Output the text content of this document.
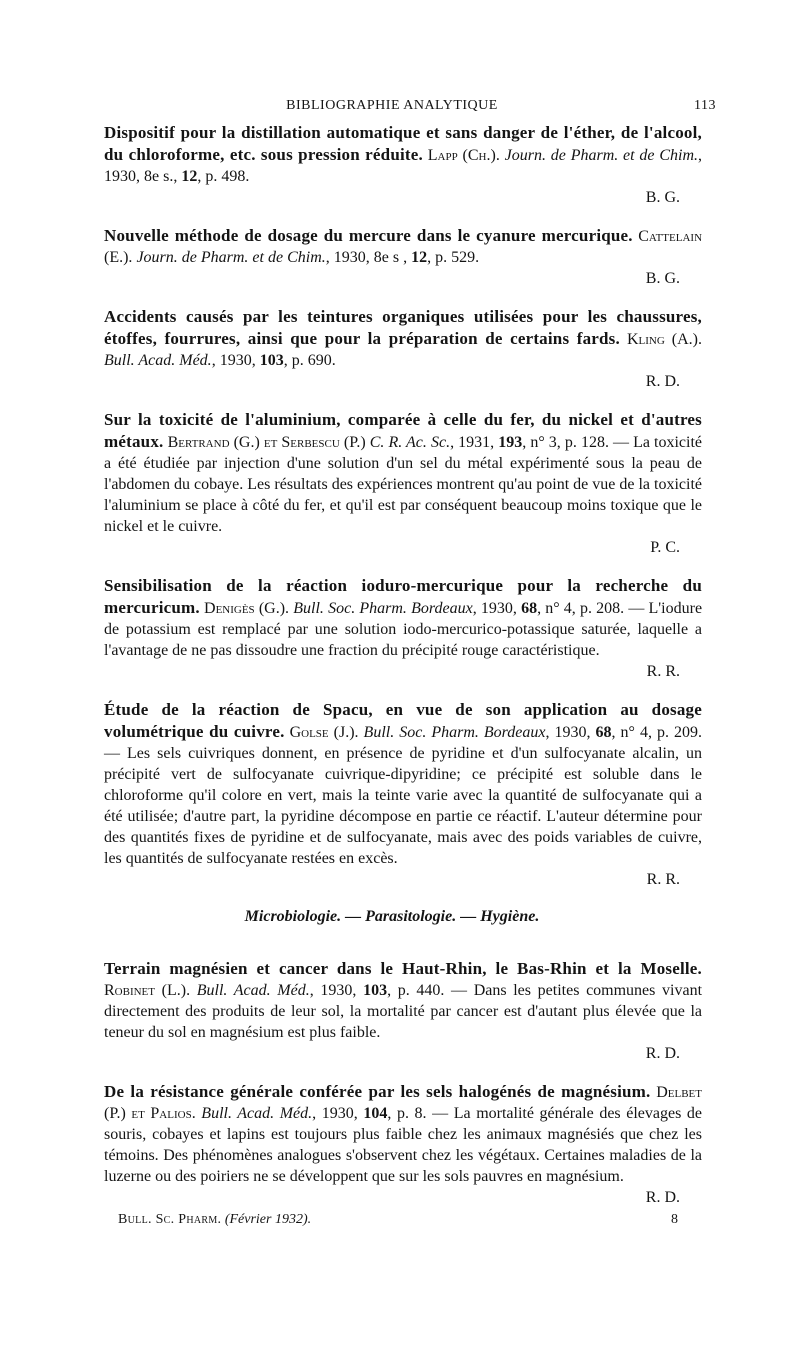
BIBLIOGRAPHIE ANALYTIQUE	113

Dispositif pour la distillation automatique et sans danger de l'éther, de l'alcool, du chloroforme, etc. sous pression réduite. Lapp (Ch.). Journ. de Pharm. et de Chim., 1930, 8e s., 12, p. 498.
B. G.

Nouvelle méthode de dosage du mercure dans le cyanure mercurique. Cattelain (E.). Journ. de Pharm. et de Chim., 1930, 8e s , 12, p. 529.
B. G.

Accidents causés par les teintures organiques utilisées pour les chaussures, étoffes, fourrures, ainsi que pour la préparation de certains fards. Kling (A.). Bull. Acad. Méd., 1930, 103, p. 690.
R. D.

Sur la toxicité de l'aluminium, comparée à celle du fer, du nickel et d'autres métaux. Bertrand (G.) et Serbescu (P.) C. R. Ac. Sc., 1931, 193, n° 3, p. 128. — La toxicité a été étudiée par injection d'une solution d'un sel du métal expérimenté sous la peau de l'abdomen du cobaye. Les résultats des expériences montrent qu'au point de vue de la toxicité l'aluminium se place à côté du fer, et qu'il est par conséquent beaucoup moins toxique que le nickel et le cuivre.
P. C.

Sensibilisation de la réaction ioduro-mercurique pour la recherche du mercuricum. Denigès (G.). Bull. Soc. Pharm. Bordeaux, 1930, 68, n° 4, p. 208. — L'iodure de potassium est remplacé par une solution iodo-mercurico-potassique saturée, laquelle a l'avantage de ne pas dissoudre une fraction du précipité rouge caractéristique.
R. R.

Étude de la réaction de Spacu, en vue de son application au dosage volumétrique du cuivre. Golse (J.). Bull. Soc. Pharm. Bordeaux, 1930, 68, n° 4, p. 209. — Les sels cuivriques donnent, en présence de pyridine et d'un sulfocyanate alcalin, un précipité vert de sulfocyanate cuivrique-dipyridine; ce précipité est soluble dans le chloroforme qu'il colore en vert, mais la teinte varie avec la quantité de sulfocyanate qui a été utilisée; d'autre part, la pyridine décompose en partie ce réactif. L'auteur détermine pour des quantités fixes de pyridine et de sulfocyanate, mais avec des poids variables de cuivre, les quantités de sulfocyanate restées en excès.
R. R.

Microbiologie. — Parasitologie. — Hygiène.

Terrain magnésien et cancer dans le Haut-Rhin, le Bas-Rhin et la Moselle. Robinet (L.). Bull. Acad. Méd., 1930, 103, p. 440. — Dans les petites communes vivant directement des produits de leur sol, la mortalité par cancer est d'autant plus élevée que la teneur du sol en magnésium est plus faible.
R. D.

De la résistance générale conférée par les sels halogénés de magnésium. Delbet (P.) et Palios. Bull. Acad. Méd., 1930, 104, p. 8. — La mortalité générale des élevages de souris, cobayes et lapins est toujours plus faible chez les animaux magnésiés que chez les témoins. Des phénomènes analogues s'observent chez les végétaux. Certaines maladies de la luzerne ou des poiriers ne se développent que sur les sols pauvres en magnésium.
R. D.

Bull. Sc. Pharm. (Février 1932).	8
